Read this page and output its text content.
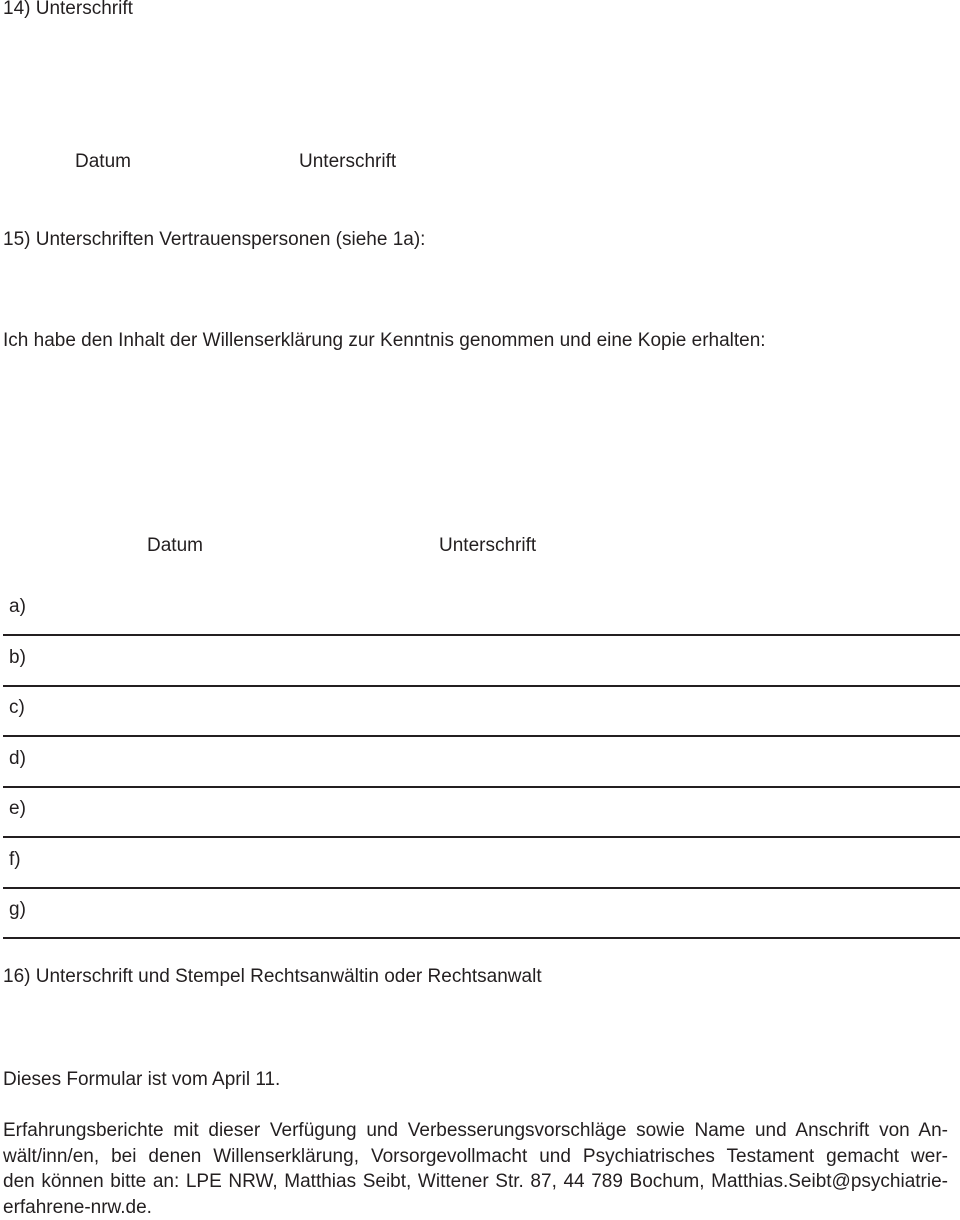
14) Unterschrift
Datum	Unterschrift
15) Unterschriften Vertrauenspersonen (siehe 1a):
Ich habe den Inhalt der Willenserklärung zur Kenntnis genommen und eine Kopie erhalten:
Datum	Unterschrift
a)
b)
c)
d)
e)
f)
g)
16) Unterschrift und Stempel Rechtsanwältin oder Rechtsanwalt
Dieses Formular ist vom April 11.
Erfahrungsberichte mit dieser Verfügung und Verbesserungsvorschläge sowie Name und Anschrift von An-
wält/inn/en, bei denen Willenserklärung, Vorsorgevollmacht und Psychiatrisches Testament gemacht wer-
den können bitte an: LPE NRW, Matthias Seibt, Wittener Str. 87, 44 789 Bochum, Matthias.Seibt@psychiatrie-
erfahrene-nrw.de.
